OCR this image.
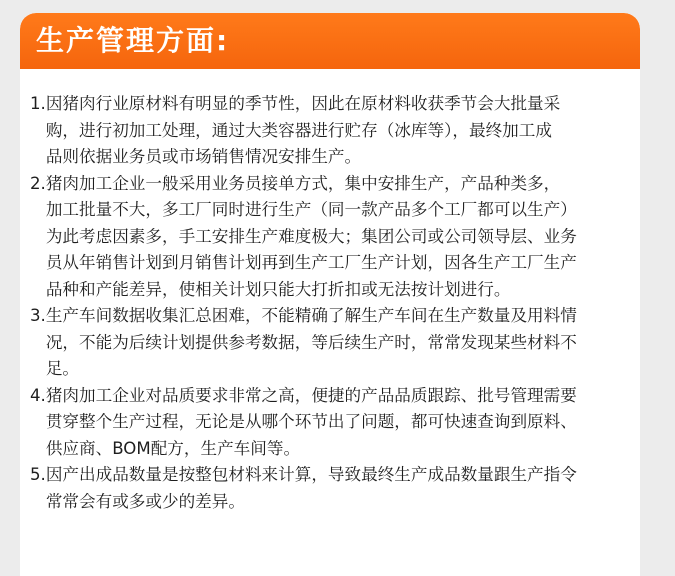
生产管理方面:
1. 因猪肉行业原材料有明显的季节性，因此在原材料收获季节会大批量采
购，进行初加工处理，通过大类容器进行贮存（冰库等），最终加工成
品则依据业务员或市场销售情况安排生产。
2. 猪肉加工企业一般采用业务员接单方式，集中安排生产，产品种类多，
加工批量不大，多工厂同时进行生产（同一款产品多个工厂都可以生产）
为此考虑因素多，手工安排生产难度极大；集团公司或公司领导层、业务
员从年销售计划到月销售计划再到生产工厂生产计划，因各生产工厂生产
品种和产能差异，使相关计划只能大打折扣或无法按计划进行。
3. 生产车间数据收集汇总困难，不能精确了解生产车间在生产数量及用料情
况，不能为后续计划提供参考数据，等后续生产时，常常发现某些材料不
足。
4. 猪肉加工企业对品质要求非常之高，便捷的产品品质跟踪、批号管理需要
贯穿整个生产过程，无论是从哪个环节出了问题，都可快速查询到原料、
供应商、BOM配方，生产车间等。
5. 因产出成品数量是按整包材料来计算，导致最终生产成品数量跟生产指令
常常会有或多或少的差异。
